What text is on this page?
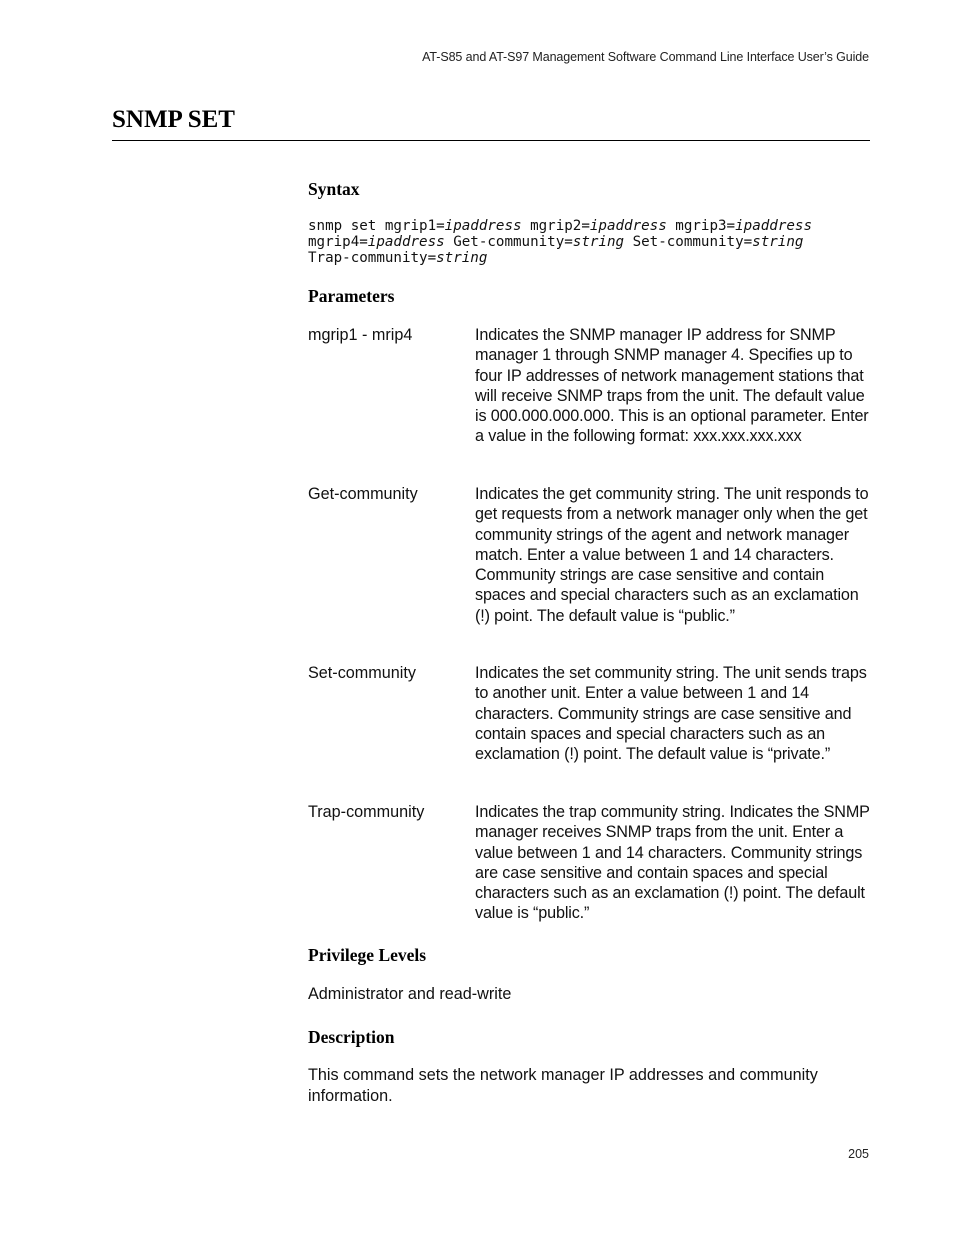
AT-S85 and AT-S97 Management Software Command Line Interface User’s Guide
SNMP SET
Syntax
snmp set mgrip1=ipaddress mgrip2=ipaddress mgrip3=ipaddress
mgrip4=ipaddress Get-community=string Set-community=string
Trap-community=string
Parameters
mgrip1 - mrip4	Indicates the SNMP manager IP address for SNMP manager 1 through SNMP manager 4. Specifies up to four IP addresses of network management stations that will receive SNMP traps from the unit. The default value is 000.000.000.000. This is an optional parameter. Enter a value in the following format: xxx.xxx.xxx.xxx
Get-community	Indicates the get community string. The unit responds to get requests from a network manager only when the get community strings of the agent and network manager match. Enter a value between 1 and 14 characters. Community strings are case sensitive and contain spaces and special characters such as an exclamation (!) point. The default value is “public.”
Set-community	Indicates the set community string. The unit sends traps to another unit. Enter a value between 1 and 14 characters. Community strings are case sensitive and contain spaces and special characters such as an exclamation (!) point. The default value is “private.”
Trap-community	Indicates the trap community string. Indicates the SNMP manager receives SNMP traps from the unit. Enter a value between 1 and 14 characters. Community strings are case sensitive and contain spaces and special characters such as an exclamation (!) point. The default value is “public.”
Privilege Levels
Administrator and read-write
Description
This command sets the network manager IP addresses and community information.
205
